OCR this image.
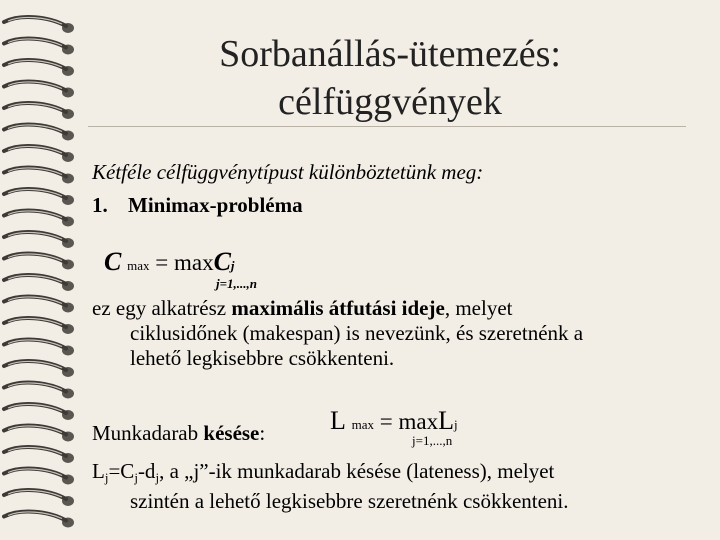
Sorbanállás-ütemezés:
célfüggvények
Kétféle célfüggvénytípust különböztetünk meg:
1. Minimax-probléma
C max = maxCj
j=1,...,n
ez egy alkatrész maximális átfutási ideje, melyet
ciklusidőnek (makespan) is nevezünk, és szeretnénk a
lehető legkisebbre csökkenteni.
L max = maxLj
j=1,...,n
Munkadarab késése:
$L_j=C_j-d_j$, a „j”-ik munkadarab késése (lateness), melyet
szintén a lehető legkisebbre szeretnénk csökkenteni.
